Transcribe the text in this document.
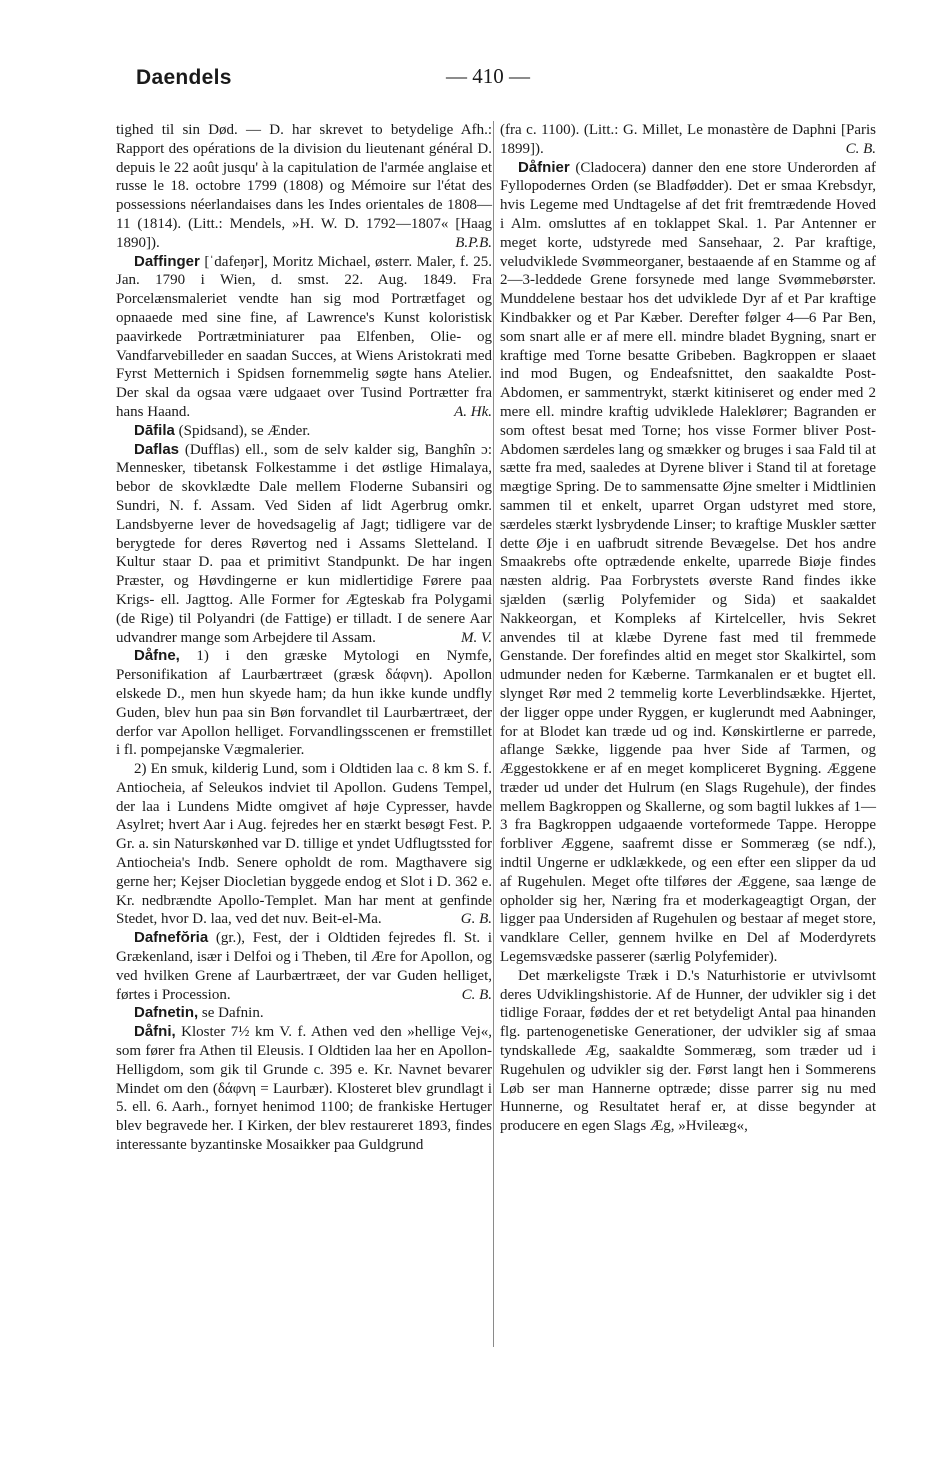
Daendels	— 410 —

tighed til sin Død. — D. har skrevet to betydelige Afh.: Rapport des opérations de la division du lieutenant général D. depuis le 22 août jusqu' à la capitulation de l'armée anglaise et russe le 18. octobre 1799 (1808) og Mémoire sur l'état des possessions néerlandaises dans les Indes orientales de 1808—11 (1814). (Litt.: Mendels, »H. W. D. 1792—1807« [Haag 1890]).	B.P.B.

Daffinger [ˈdafeŋər], Moritz Michael, østerr. Maler, f. 25. Jan. 1790 i Wien, d. smst. 22. Aug. 1849. Fra Porcelænsmaleriet vendte han sig mod Portrætfaget og opnaaede med sine fine, af Lawrence's Kunst koloristisk paavirkede Portrætminiaturer paa Elfenben, Olie- og Vandfarvebilleder en saadan Succes, at Wiens Aristokrati med Fyrst Metternich i Spidsen fornemmelig søgte hans Atelier. Der skal da ogsaa være udgaaet over Tusind Portrætter fra hans Haand.	A. Hk.

Dāfila (Spidsand), se Ænder.

Daflas (Dufflas) ell., som de selv kalder sig, Banghîn ɔ: Mennesker, tibetansk Folkestamme i det østlige Himalaya, bebor de skovklædte Dale mellem Floderne Subansiri og Sundri, N. f. Assam. Ved Siden af lidt Agerbrug omkr. Landsbyerne lever de hovedsagelig af Jagt; tidligere var de berygtede for deres Røvertog ned i Assams Sletteland. I Kultur staar D. paa et primitivt Standpunkt. De har ingen Præster, og Høvdingerne er kun midlertidige Førere paa Krigs- ell. Jagttog. Alle Former for Ægteskab fra Polygami (de Rige) til Polyandri (de Fattige) er tilladt. I de senere Aar udvandrer mange som Arbejdere til Assam.	M. V.

Dåfne, 1) i den græske Mytologi en Nymfe, Personifikation af Laurbærtræet (græsk δάφνη). Apollon elskede D., men hun skyede ham; da hun ikke kunde undfly Guden, blev hun paa sin Bøn forvandlet til Laurbærtræet, der derfor var Apollon helliget. Forvandlingsscenen er fremstillet i fl. pompejanske Vægmalerier.

2) En smuk, kilderig Lund, som i Oldtiden laa c. 8 km S. f. Antiocheia, af Seleukos indviet til Apollon. Gudens Tempel, der laa i Lundens Midte omgivet af høje Cypresser, havde Asylret; hvert Aar i Aug. fejredes her en stærkt besøgt Fest. P. Gr. a. sin Naturskønhed var D. tillige et yndet Udflugtssted for Antiocheia's Indb. Senere opholdt de rom. Magthavere sig gerne her; Kejser Diocletian byggede endog et Slot i D. 362 e. Kr. nedbrændte Apollo-Templet. Man har ment at genfinde Stedet, hvor D. laa, ved det nuv. Beit-el-Ma.	G. B.

Dafnefŏria (gr.), Fest, der i Oldtiden fejredes fl. St. i Grækenland, især i Delfoi og i Theben, til Ære for Apollon, og ved hvilken Grene af Laurbærtræet, der var Guden helliget, førtes i Procession.	C. B.

Dafnetin, se Dafnin.

Dåfni, Kloster 7½ km V. f. Athen ved den »hellige Vej«, som fører fra Athen til Eleusis. I Oldtiden laa her en Apollon-Helligdom, som gik til Grunde c. 395 e. Kr. Navnet bevarer Mindet om den (δάφνη = Laurbær). Klosteret blev grundlagt i 5. ell. 6. Aarh., fornyet henimod 1100; de frankiske Hertuger blev begravede her. I Kirken, der blev restaureret 1893, findes interessante byzantinske Mosaikker paa Guldgrund

(fra c. 1100). (Litt.: G. Millet, Le monastère de Daphni [Paris 1899]).	C. B.

Dåfnier (Cladocera) danner den ene store Underorden af Fyllopodernes Orden (se Bladfødder). Det er smaa Krebsdyr, hvis Legeme med Undtagelse af det frit fremtrædende Hoved i Alm. omsluttes af en toklappet Skal. 1. Par Antenner er meget korte, udstyrede med Sansehaar, 2. Par kraftige, veludviklede Svømmeorganer, bestaaende af en Stamme og af 2—3-leddede Grene forsynede med lange Svømmebørster. Munddelene bestaar hos det udviklede Dyr af et Par kraftige Kindbakker og et Par Kæber. Derefter følger 4—6 Par Ben, som snart alle er af mere ell. mindre bladet Bygning, snart er kraftige med Torne besatte Gribeben. Bagkroppen er slaaet ind mod Bugen, og Endeafsnittet, den saakaldte Post-Abdomen, er sammentrykt, stærkt kitiniseret og ender med 2 mere ell. mindre kraftig udviklede Haleklører; Bagranden er som oftest besat med Torne; hos visse Former bliver Post-Abdomen særdeles lang og smækker og bruges i saa Fald til at sætte fra med, saaledes at Dyrene bliver i Stand til at foretage mægtige Spring. De to sammensatte Øjne smelter i Midtlinien sammen til et enkelt, uparret Organ udstyret med store, særdeles stærkt lysbrydende Linser; to kraftige Muskler sætter dette Øje i en uafbrudt sitrende Bevægelse. Det hos andre Smaakrebs ofte optrædende enkelte, uparrede Biøje findes næsten aldrig. Paa Forbrystets øverste Rand findes ikke sjælden (særlig Polyfemider og Sida) et saakaldet Nakkeorgan, et Kompleks af Kirtelceller, hvis Sekret anvendes til at klæbe Dyrene fast med til fremmede Genstande. Der forefindes altid en meget stor Skalkirtel, som udmunder neden for Kæberne. Tarmkanalen er et bugtet ell. slynget Rør med 2 temmelig korte Leverblindsække. Hjertet, der ligger oppe under Ryggen, er kuglerundt med Aabninger, for at Blodet kan træde ud og ind. Kønskirtlerne er parrede, aflange Sække, liggende paa hver Side af Tarmen, og Æggestokkene er af en meget kompliceret Bygning. Æggene træder ud under det Hulrum (en Slags Rugehule), der findes mellem Bagkroppen og Skallerne, og som bagtil lukkes af 1—3 fra Bagkroppen udgaaende vorteformede Tappe. Heroppe forbliver Æggene, saafremt disse er Sommeræg (se ndf.), indtil Ungerne er udklækkede, og een efter een slipper da ud af Rugehulen. Meget ofte tilføres der Æggene, saa længe de opholder sig her, Næring fra et moderkageagtigt Organ, der ligger paa Undersiden af Rugehulen og bestaar af meget store, vandklare Celler, gennem hvilke en Del af Moderdyrets Legemsvædske passerer (særlig Polyfemider).

Det mærkeligste Træk i D.'s Naturhistorie er utvivlsomt deres Udviklingshistorie. Af de Hunner, der udvikler sig i det tidlige Foraar, føddes der et ret betydeligt Antal paa hinanden flg. partenogenetiske Generationer, der udvikler sig af smaa tyndskallede Æg, saakaldte Sommeræg, som træder ud i Rugehulen og udvikler sig der. Først langt hen i Sommerens Løb ser man Hannerne optræde; disse parrer sig nu med Hunnerne, og Resultatet heraf er, at disse begynder at producere en egen Slags Æg, »Hvileæg«,
